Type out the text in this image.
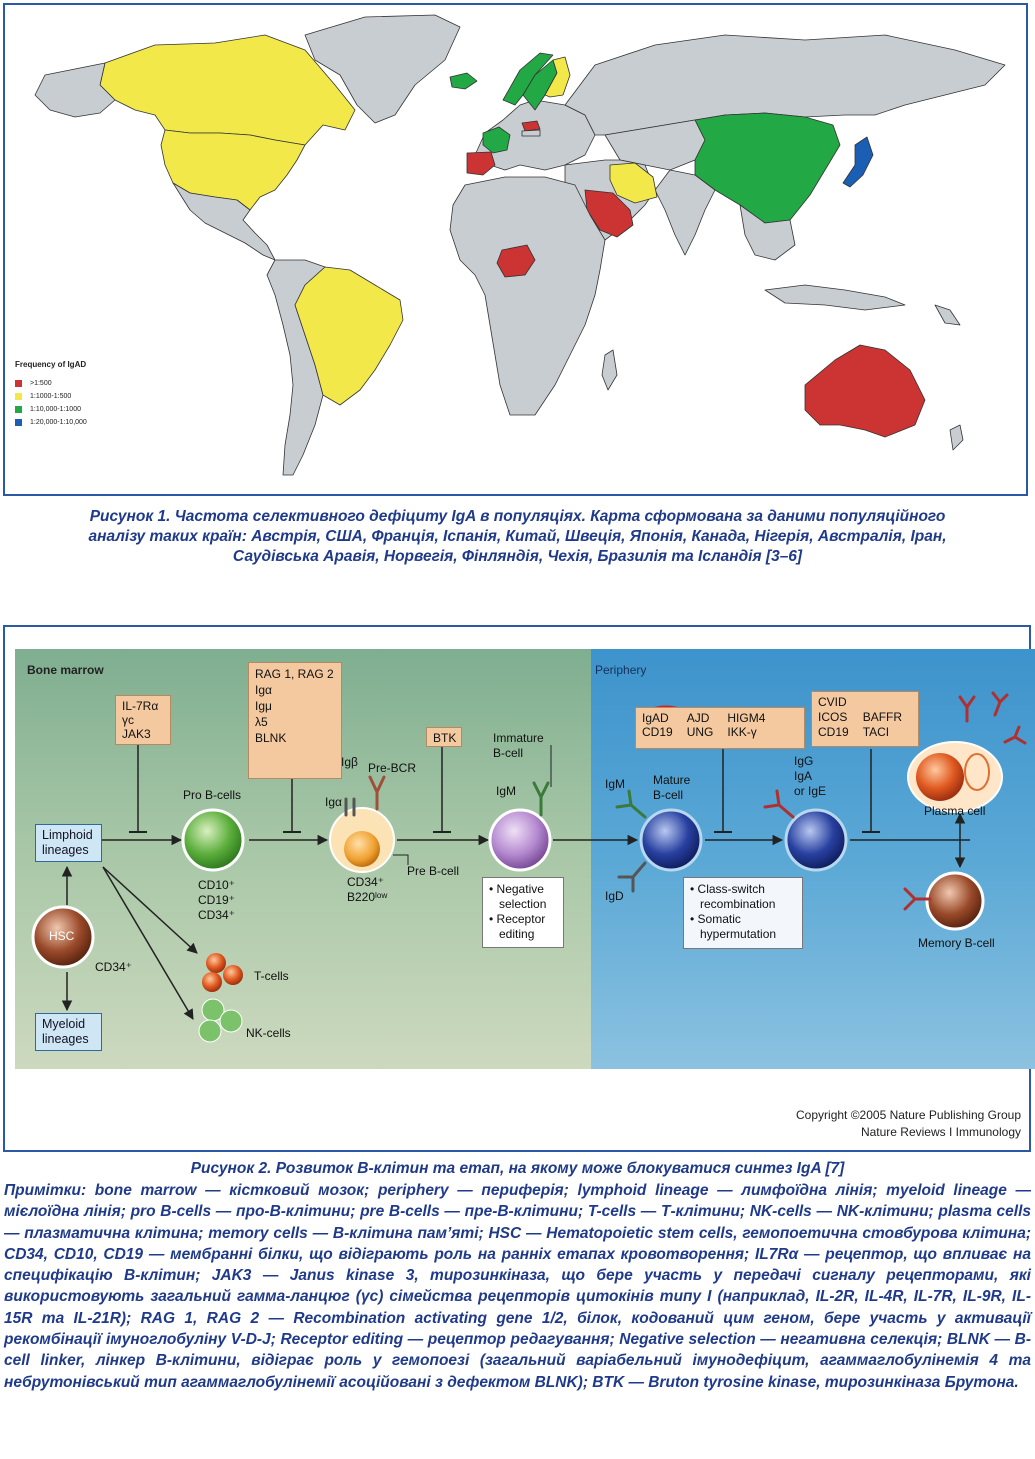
Frequency of IgAD
>1:500
1:1000-1:500
1:10,000-1:1000
1:20,000-1:10,000
Рисунок 1. Частота селективного дефіциту IgA в популяціях. Карта сформована за даними популяційного аналізу таких країн: Австрія, США, Франція, Іспанія, Китай, Швеція, Японія, Канада, Нігерія, Австралія, Іран, Саудівська Аравія, Норвегія, Фінляндія, Чехія, Бразилія та Ісландія [3–6]
Bone marrow	Periphery
IL-7Rα
γc
JAK3
RAG 1, RAG 2
Igα
Igμ
λ5
BLNK	BTK
IgAD
CD19
AJD
UNG
HIGM4
IKK-γ
CVID
ICOS
CD19
BAFFR
TACI
Limphoid
lineages
Myeloid
lineages
HSC
CD34⁺
Pro B-cells
CD10⁺
CD19⁺
CD34⁺
Igβ
Igα
Pre-BCR
Pre B-cell
CD34⁺
B220ˡᵒʷ
Immature
B-cell
IgM
• Negative
selection
• Receptor
editing
Mature
B-cell
IgM
IgD	• Class-switch
recombination
• Somatic
hypermutation
IgG
IgA
or IgE
Plasma cell
Memory B-cell
T-cells
NK-cells
Copyright ©2005 Nature Publishing Group
Nature Reviews I Immunology
Рисунок 2. Розвиток В-клітин та етап, на якому може блокуватися синтез IgA [7]
Примітки: bone marrow — кістковий мозок; periphery — периферія; lymphoid lineage — лимфоїдна лінія; myeloid lineage — мієлоїдна лінія; pro B-cells — про-В-клітини; pre B-cells — пре-В-клітини; T-cells — Т-клітини; NK-cells — NK-клітини; plasma cells — плазматична клітина; memory cells — В-клітина пам’яті; HSC — Hematopoietic stem cells, гемопоетична стовбурова клітина; CD34, CD10, CD19 — мембранні білки, що відіграють роль на ранніх етапах кровотворення; IL7Rα — рецептор, що впливає на специфікацію В-клітин; JAK3 — Janus kinase 3, тирозинкіназа, що бере участь у передачі сигналу рецепторами, які використовують загальний гамма-ланцюг (γc) сімейства рецепторів цитокінів типу I (наприклад, IL-2R, IL-4R, IL-7R, IL-9R, IL-15R та IL-21R); RAG 1, RAG 2 — Recombination activating gene 1/2, білок, кодований цим геном, бере участь у активації рекомбінації імуноглобуліну V-D-J; Receptor editing — рецептор редагування; Negative selection — негативна селекція; BLNK — B-cell linker, лінкер В-клітини, відіграє роль у гемопоезі (загальний варіабельний імунодефіцит, агаммаглобулінемія 4 та небрутонівський тип агаммаглобулінемії асоційовані з дефектом BLNK); BTK — Bruton tyrosine kinase, тирозинкіназа Брутона.
